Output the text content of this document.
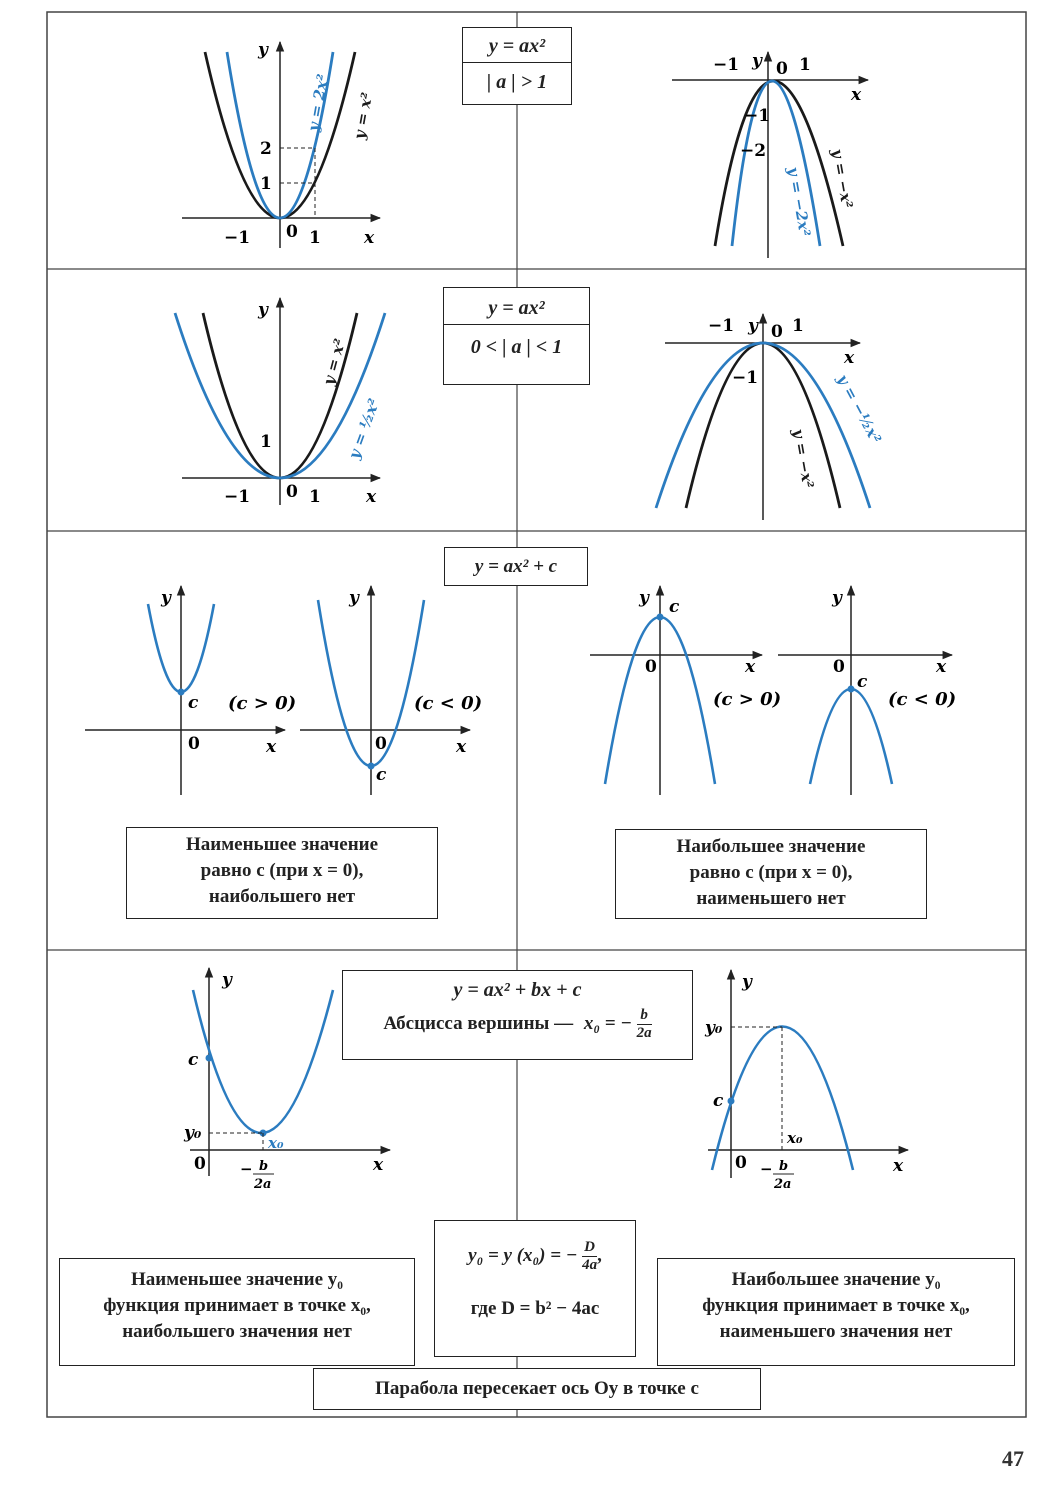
y
x
−1 0 1
1
2
y = x²
y = 2x²
y
x
−1 0 1
−1
−2	y = −x²
y = −2x²
y
x
−1 0 1
1
y = x²
y = ½x²
y
x
−1 0 1
−1
y = −x²
y = −½x²
y
x
0
c (c > 0)
y
x
0
c
(c < 0)
y
x
0
c
(c > 0)
y
x
0
c
(c < 0)
y
x
0
c
y₀	x₀
− b
2a
y
x
0
c
y₀
x₀
− b
2a
y = ax²
| a | > 1
y = ax²
0 < | a | < 1
y = ax² + c
Наименьшее значение
равно c (при x = 0),
наибольшего нет
Наибольшее значение
равно c (при x = 0),
наименьшего нет
y = ax² + bx + c
Абсцисса вершины — x₀ = − $\frac{b}{2a}$
y₀ = y (x₀) = − $\frac{D}{4a}$ ,
где D = b² − 4ac
Наименьшее значение y₀
функция принимает в точке x₀,
наибольшего значения нет
Наибольшее значение y₀
функция принимает в точке x₀,
наименьшего значения нет
Парабола пересекает ось Oy в точке c
47
